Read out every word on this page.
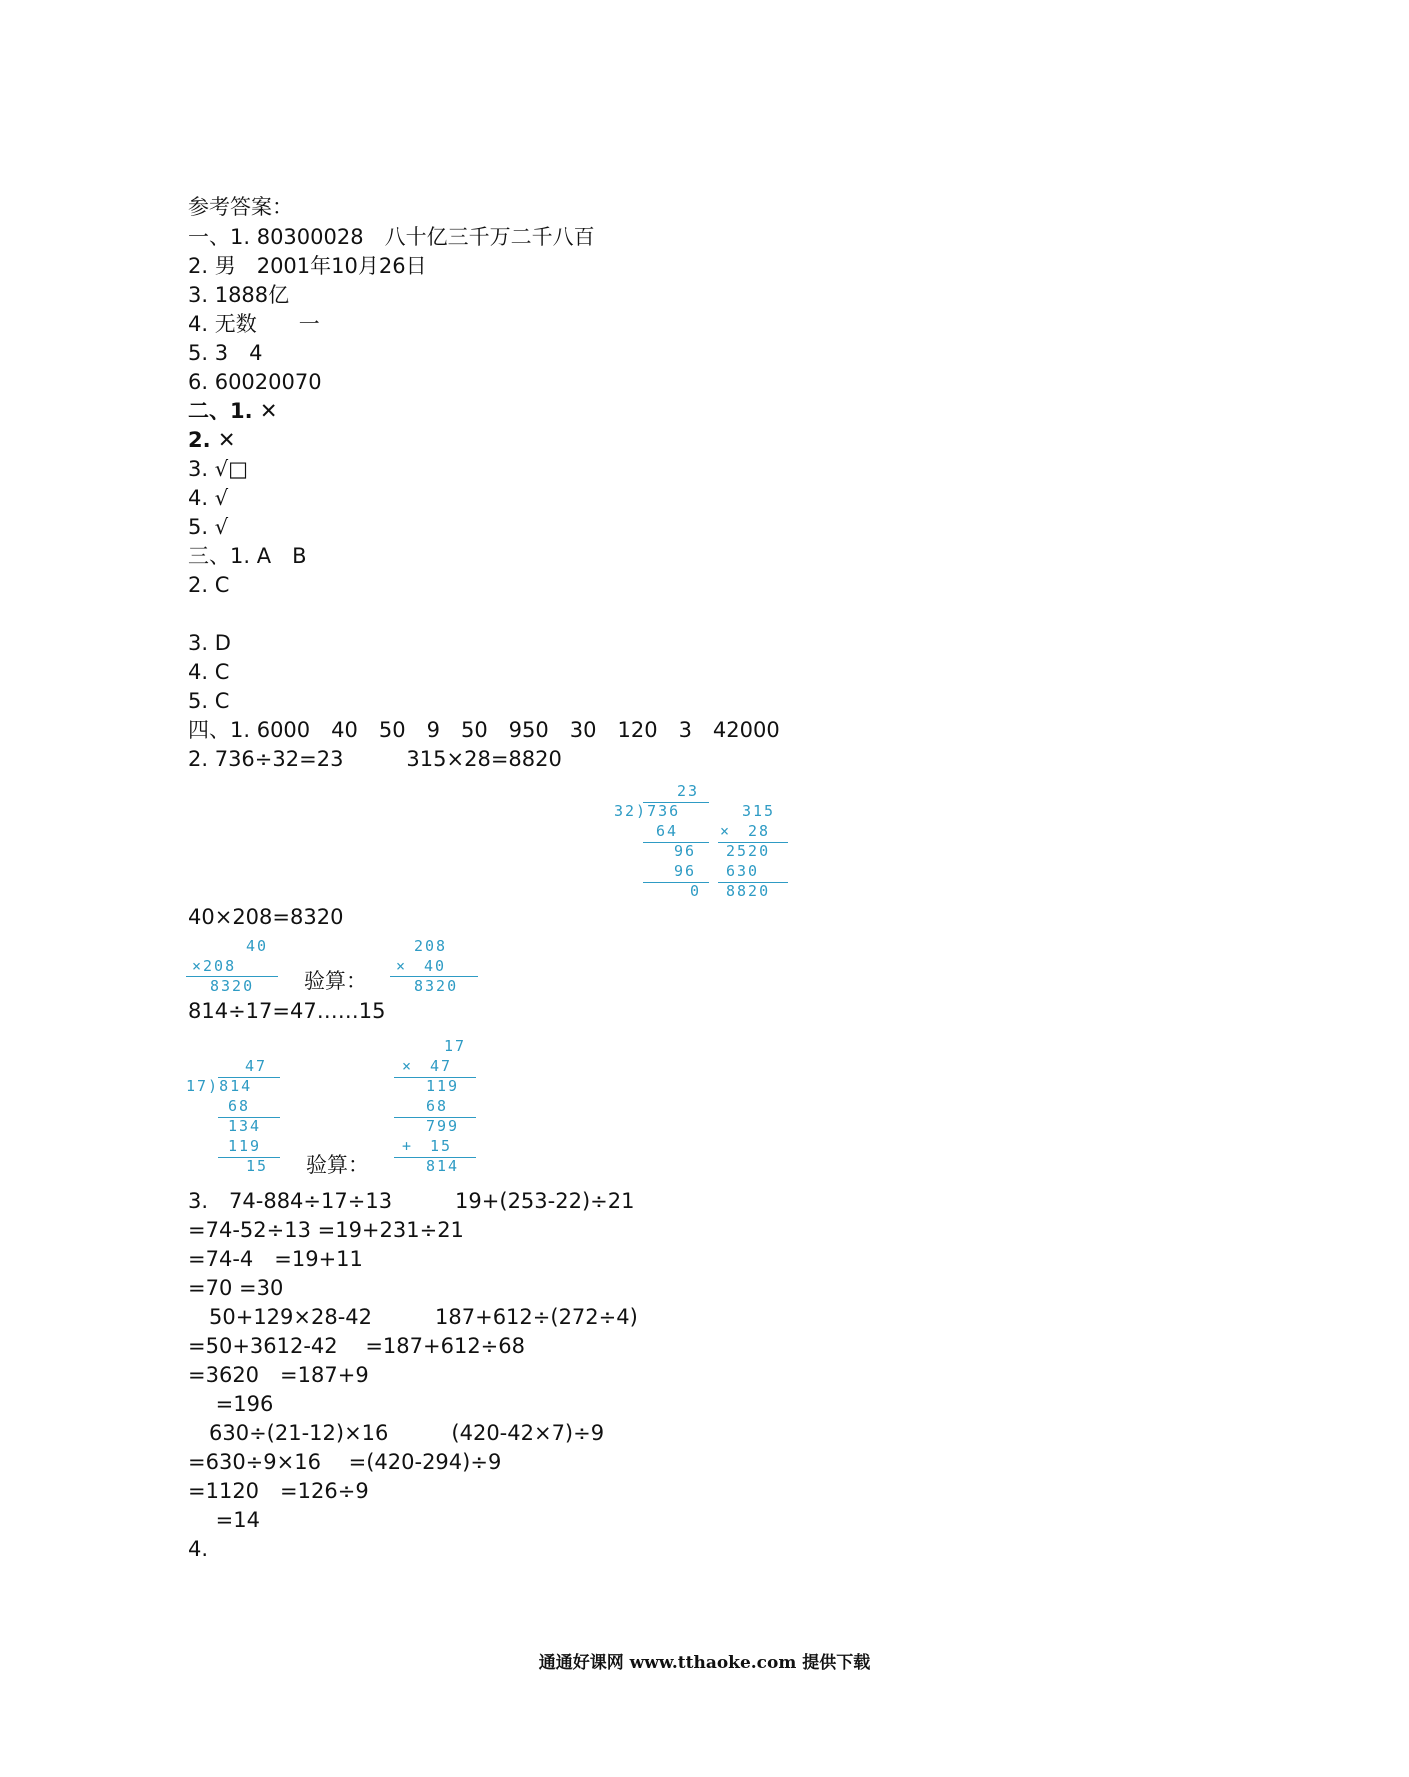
参考答案：
一、1. 80300028　八十亿三千万二千八百
2. 男　2001年10月26日
3. 1888亿
4. 无数　　一
5. 3　4
6. 60020070
二、1. ✕
2. ✕
3. √□
4. √
5. √
三、1. A　B
2. C
3. D
4. C
5. C
四、1. 6000　40　50　9　50　950　30　120　3　42000
2. 736÷32=23　　　315×28=8820
23
32)736
64
96
96
0
315
×　28
2520
630
8820
40×208=8320
40
×208
8320 验算：
208
×　40
8320
814÷17=47……15
47
17)814
68
134
119
15 验算：
17
×　47
119
68
799
+　15
814
3.　74-884÷17÷13　　　19+(253-22)÷21
=74-52÷13 =19+231÷21
=74-4　=19+11
=70 =30
　50+129×28-42　　　187+612÷(272÷4)
=50+3612-42　 =187+612÷68
=3620　=187+9
　 =196
　630÷(21-12)×16　　　(420-42×7)÷9
=630÷9×16　 =(420-294)÷9
=1120　=126÷9
　 =14
4.
通通好课网 www.tthaoke.com 提供下载
